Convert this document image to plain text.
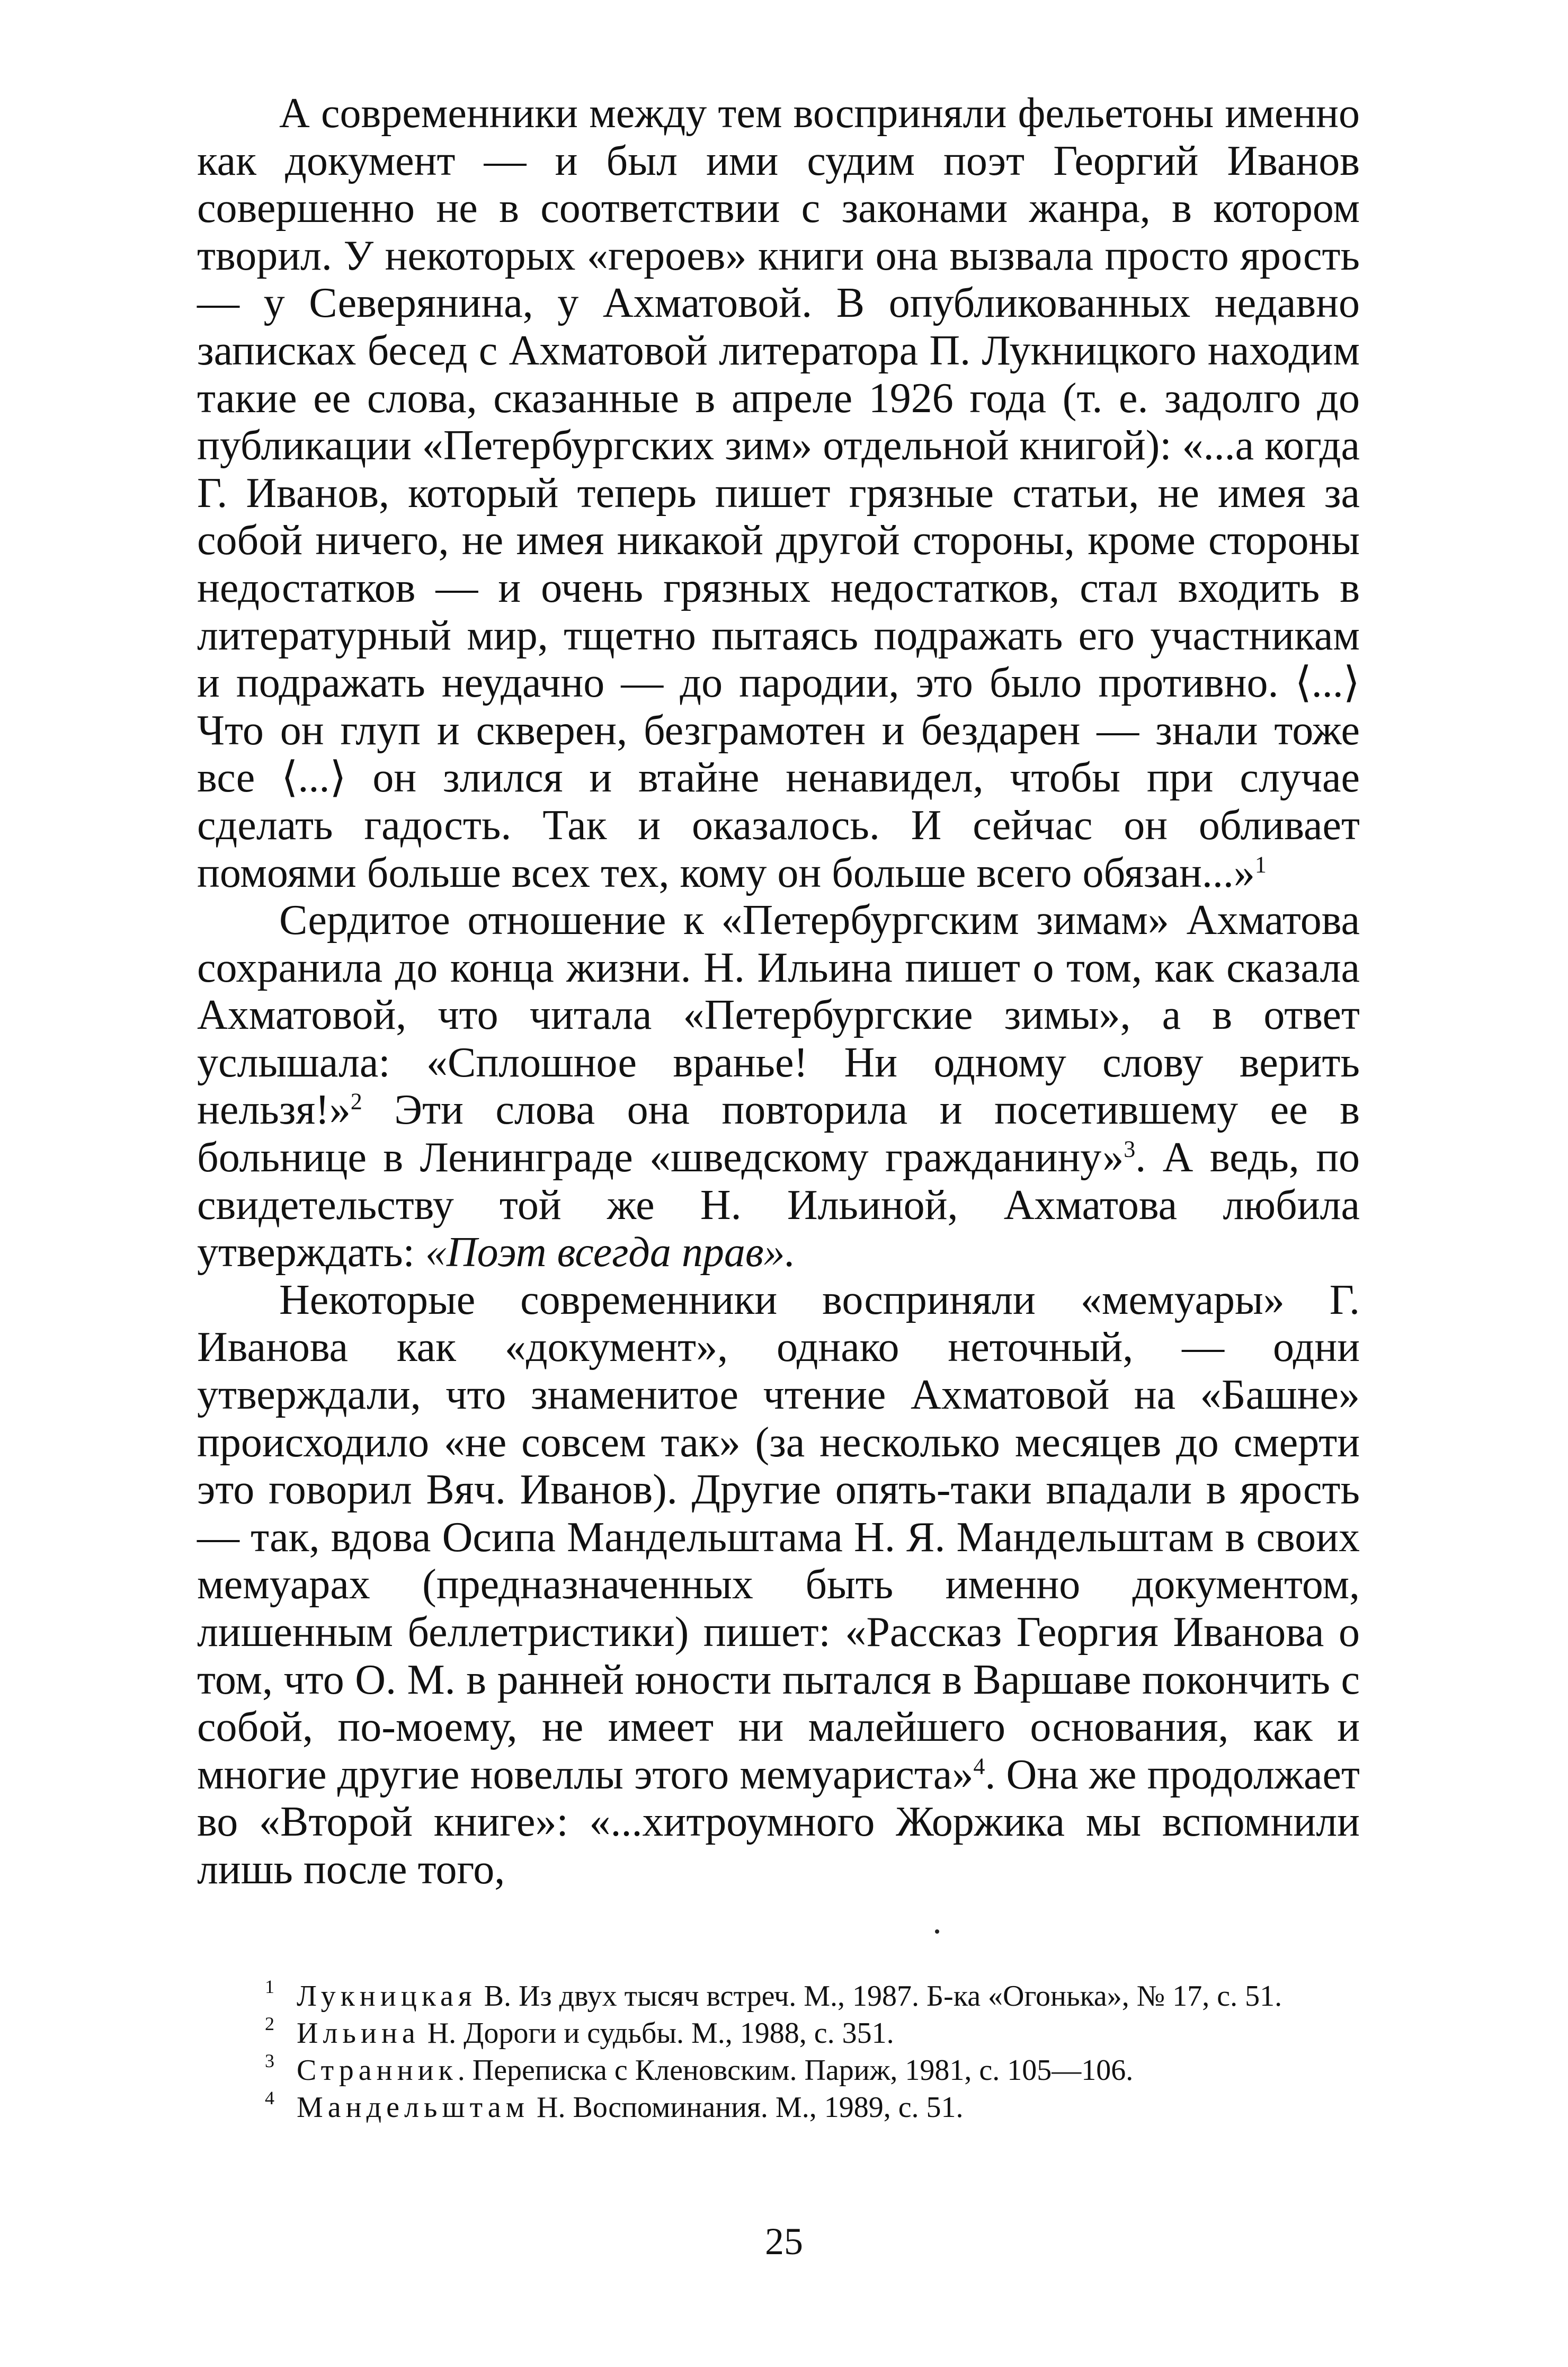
А современники между тем восприняли фельетоны именно как документ — и был ими судим поэт Георгий Иванов совершенно не в соответствии с законами жанра, в котором творил. У некоторых «героев» книги она вызвала просто ярость — у Северянина, у Ахматовой. В опубликованных недавно записках бесед с Ахматовой литератора П. Лукницкого находим такие ее слова, сказанные в апреле 1926 года (т. е. задолго до публикации «Петербургских зим» отдельной книгой): «...а когда Г. Иванов, который теперь пишет грязные статьи, не имея за собой ничего, не имея никакой другой стороны, кроме стороны недостатков — и очень грязных недостатков, стал входить в литературный мир, тщетно пытаясь подражать его участникам и подражать неудачно — до пародии, это было противно. ⟨...⟩ Что он глуп и скверен, безграмотен и бездарен — знали тоже все ⟨...⟩ он злился и втайне ненавидел, чтобы при случае сделать гадость. Так и оказалось. И сейчас он обливает помоями больше всех тех, кому он больше всего обязан...»$^1$

Сердитое отношение к «Петербургским зимам» Ахматова сохранила до конца жизни. Н. Ильина пишет о том, как сказала Ахматовой, что читала «Петербургские зимы», а в ответ услышала: «Сплошное вранье! Ни одному слову верить нельзя!»$^2$ Эти слова она повторила и посетившему ее в больнице в Ленинграде «шведскому гражданину»$^3$. А ведь, по свидетельству той же Н. Ильиной, Ахматова любила утверждать: «Поэт всегда прав».

Некоторые современники восприняли «мемуары» Г. Иванова как «документ», однако неточный, — одни утверждали, что знаменитое чтение Ахматовой на «Башне» происходило «не совсем так» (за несколько месяцев до смерти это говорил Вяч. Иванов). Другие опять-таки впадали в ярость — так, вдова Осипа Мандельштама Н. Я. Мандельштам в своих мемуарах (предназначенных быть именно документом, лишенным беллетристики) пишет: «Рассказ Георгия Иванова о том, что О. М. в ранней юности пытался в Варшаве покончить с собой, по-моему, не имеет ни малейшего основания, как и многие другие новеллы этого мемуариста»$^4$. Она же продолжает во «Второй книге»: «...хитроумного Жоржика мы вспомнили лишь после того,

1 Лукницкая В. Из двух тысяч встреч. М., 1987. Б-ка «Огонька», № 17, с. 51.

2 Ильина Н. Дороги и судьбы. М., 1988, с. 351.

3 Странник. Переписка с Кленовским. Париж, 1981, с. 105—106.

4 Мандельштам Н. Воспоминания. М., 1989, с. 51.

25
